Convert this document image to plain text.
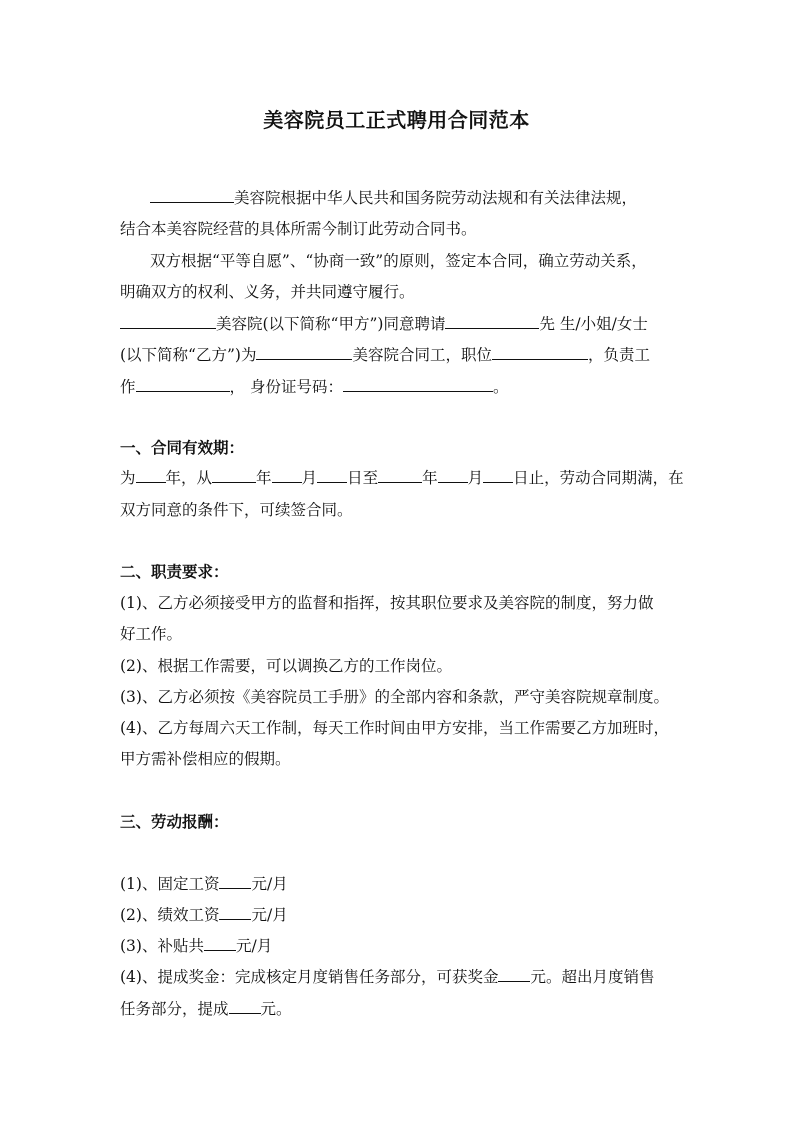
美容院员工正式聘用合同范本
美容院根据中华人民共和国务院劳动法规和有关法律法规，
结合本美容院经营的具体所需今制订此劳动合同书。
双方根据“平等自愿”、“协商一致”的原则，签定本合同，确立劳动关系，
明确双方的权利、义务，并共同遵守履行。
美容院(以下简称“甲方”)同意聘请	先 生/小姐/女士
(以下简称“乙方”)为	美容院合同工，职位	，负责工
作	， 身份证号码：	。
一、合同有效期：
为 年，从	年 月 日至	年 月 日止，劳动合同期满，在
双方同意的条件下，可续签合同。
二、职责要求：
(1)、乙方必须接受甲方的监督和指挥，按其职位要求及美容院的制度，努力做
好工作。
(2)、根据工作需要，可以调换乙方的工作岗位。
(3)、乙方必须按《美容院员工手册》的全部内容和条款，严守美容院规章制度。
(4)、乙方每周六天工作制，每天工作时间由甲方安排，当工作需要乙方加班时，
甲方需补偿相应的假期。
三、劳动报酬：
(1)、固定工资 元/月
(2)、绩效工资 元/月
(3)、补贴共 元/月
(4)、提成奖金：完成核定月度销售任务部分，可获奖金 元。超出月度销售
任务部分，提成 元。
